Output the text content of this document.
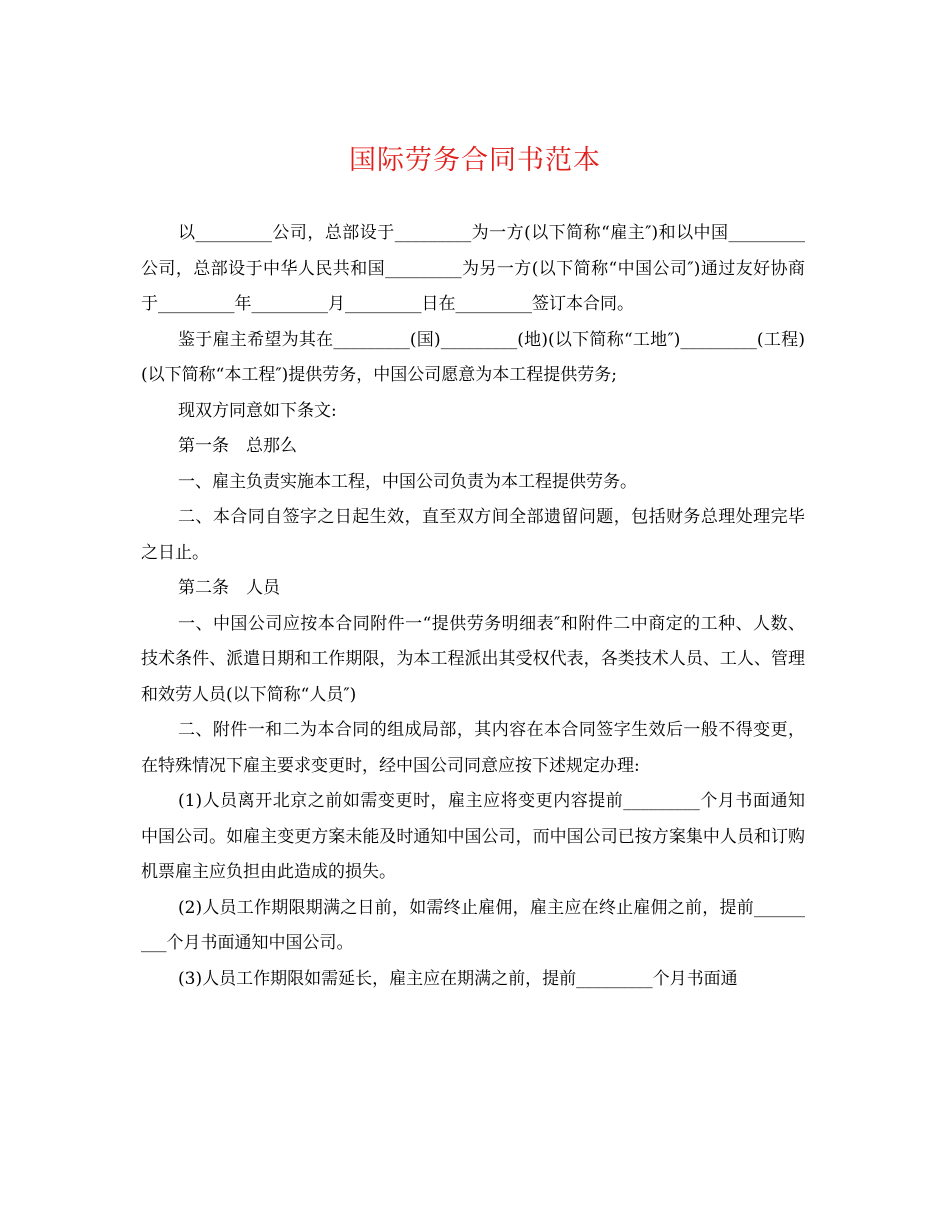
国际劳务合同书范本

以_________公司，总部设于_________为一方(以下简称“雇主″)和以中国_________公司，总部设于中华人民共和国_________为另一方(以下简称“中国公司″)通过友好协商于_________年_________月_________日在_________签订本合同。

鉴于雇主希望为其在_________(国)_________(地)(以下简称“工地″)_________(工程)(以下简称“本工程″)提供劳务，中国公司愿意为本工程提供劳务;

现双方同意如下条文:

第一条　总那么

一、雇主负责实施本工程，中国公司负责为本工程提供劳务。

二、本合同自签字之日起生效，直至双方间全部遗留问题，包括财务总理处理完毕之日止。

第二条　人员

一、中国公司应按本合同附件一“提供劳务明细表″和附件二中商定的工种、人数、技术条件、派遣日期和工作期限，为本工程派出其受权代表，各类技术人员、工人、管理和效劳人员(以下简称“人员″)

二、附件一和二为本合同的组成局部，其内容在本合同签字生效后一般不得变更，在特殊情况下雇主要求变更时，经中国公司同意应按下述规定办理:

(1)人员离开北京之前如需变更时，雇主应将变更内容提前_________个月书面通知中国公司。如雇主变更方案未能及时通知中国公司，而中国公司已按方案集中人员和订购机票雇主应负担由此造成的损失。

(2)人员工作期限期满之日前，如需终止雇佣，雇主应在终止雇佣之前，提前_________个月书面通知中国公司。

(3)人员工作期限如需延长，雇主应在期满之前，提前_________个月书面通
